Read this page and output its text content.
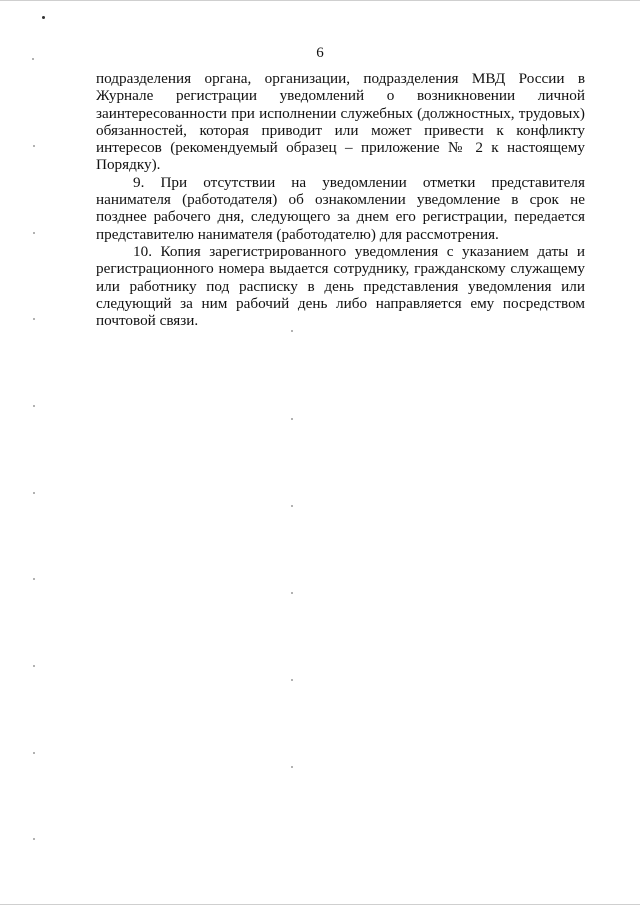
6

подразделения органа, организации, подразделения МВД России в Журнале регистрации уведомлений о возникновении личной заинтересованности при исполнении служебных (должностных, трудовых) обязанностей, которая приводит или может привести к конфликту интересов (рекомендуемый образец – приложение № 2 к настоящему Порядку).

9. При отсутствии на уведомлении отметки представителя нанимателя (работодателя) об ознакомлении уведомление в срок не позднее рабочего дня, следующего за днем его регистрации, передается представителю нанимателя (работодателю) для рассмотрения.

10. Копия зарегистрированного уведомления с указанием даты и регистрационного номера выдается сотруднику, гражданскому служащему или работнику под расписку в день представления уведомления или следующий за ним рабочий день либо направляется ему посредством почтовой связи.
